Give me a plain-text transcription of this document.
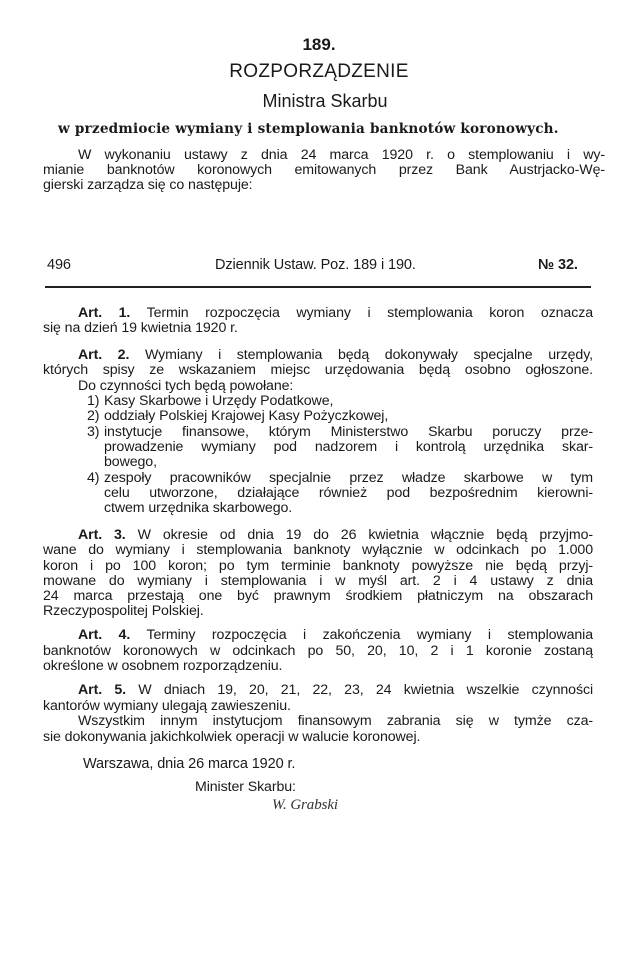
189.
ROZPORZĄDZENIE
Ministra Skarbu
w przedmiocie wymiany i stemplowania banknotów koronowych.
W wykonaniu ustawy z dnia 24 marca 1920 r. o stemplowaniu i wy-
mianie banknotów koronowych emitowanych przez Bank Austrjacko-Wę-
gierski zarządza się co następuje:
496	Dziennik Ustaw. Poz. 189 i 190.	№ 32.
Art. 1. Termin rozpoczęcia wymiany i stemplowania koron oznacza
się na dzień 19 kwietnia 1920 r.
Art. 2. Wymiany i stemplowania będą dokonywały specjalne urzędy,
których spisy ze wskazaniem miejsc urzędowania będą osobno ogłoszone.
Do czynności tych będą powołane:
1) Kasy Skarbowe i Urzędy Podatkowe,
2) oddziały Polskiej Krajowej Kasy Pożyczkowej,
3) instytucje finansowe, którym Ministerstwo Skarbu poruczy prze-
prowadzenie wymiany pod nadzorem i kontrolą urzędnika skar-
bowego,
4) zespoły pracowników specjalnie przez władze skarbowe w tym
celu utworzone, działające również pod bezpośrednim kierowni-
ctwem urzędnika skarbowego.
Art. 3. W okresie od dnia 19 do 26 kwietnia włącznie będą przyjmo-
wane do wymiany i stemplowania banknoty wyłącznie w odcinkach po 1.000
koron i po 100 koron; po tym terminie banknoty powyższe nie będą przyj-
mowane do wymiany i stemplowania i w myśl art. 2 i 4 ustawy z dnia
24 marca przestają one być prawnym środkiem płatniczym na obszarach
Rzeczypospolitej Polskiej.
Art. 4. Terminy rozpoczęcia i zakończenia wymiany i stemplowania
banknotów koronowych w odcinkach po 50, 20, 10, 2 i 1 koronie zostaną
określone w osobnem rozporządzeniu.
Art. 5. W dniach 19, 20, 21, 22, 23, 24 kwietnia wszelkie czynności
kantorów wymiany ulegają zawieszeniu.
Wszystkim innym instytucjom finansowym zabrania się w tymże cza-
sie dokonywania jakichkolwiek operacji w walucie koronowej.
Warszawa, dnia 26 marca 1920 r.
Minister Skarbu:
W. Grabski
